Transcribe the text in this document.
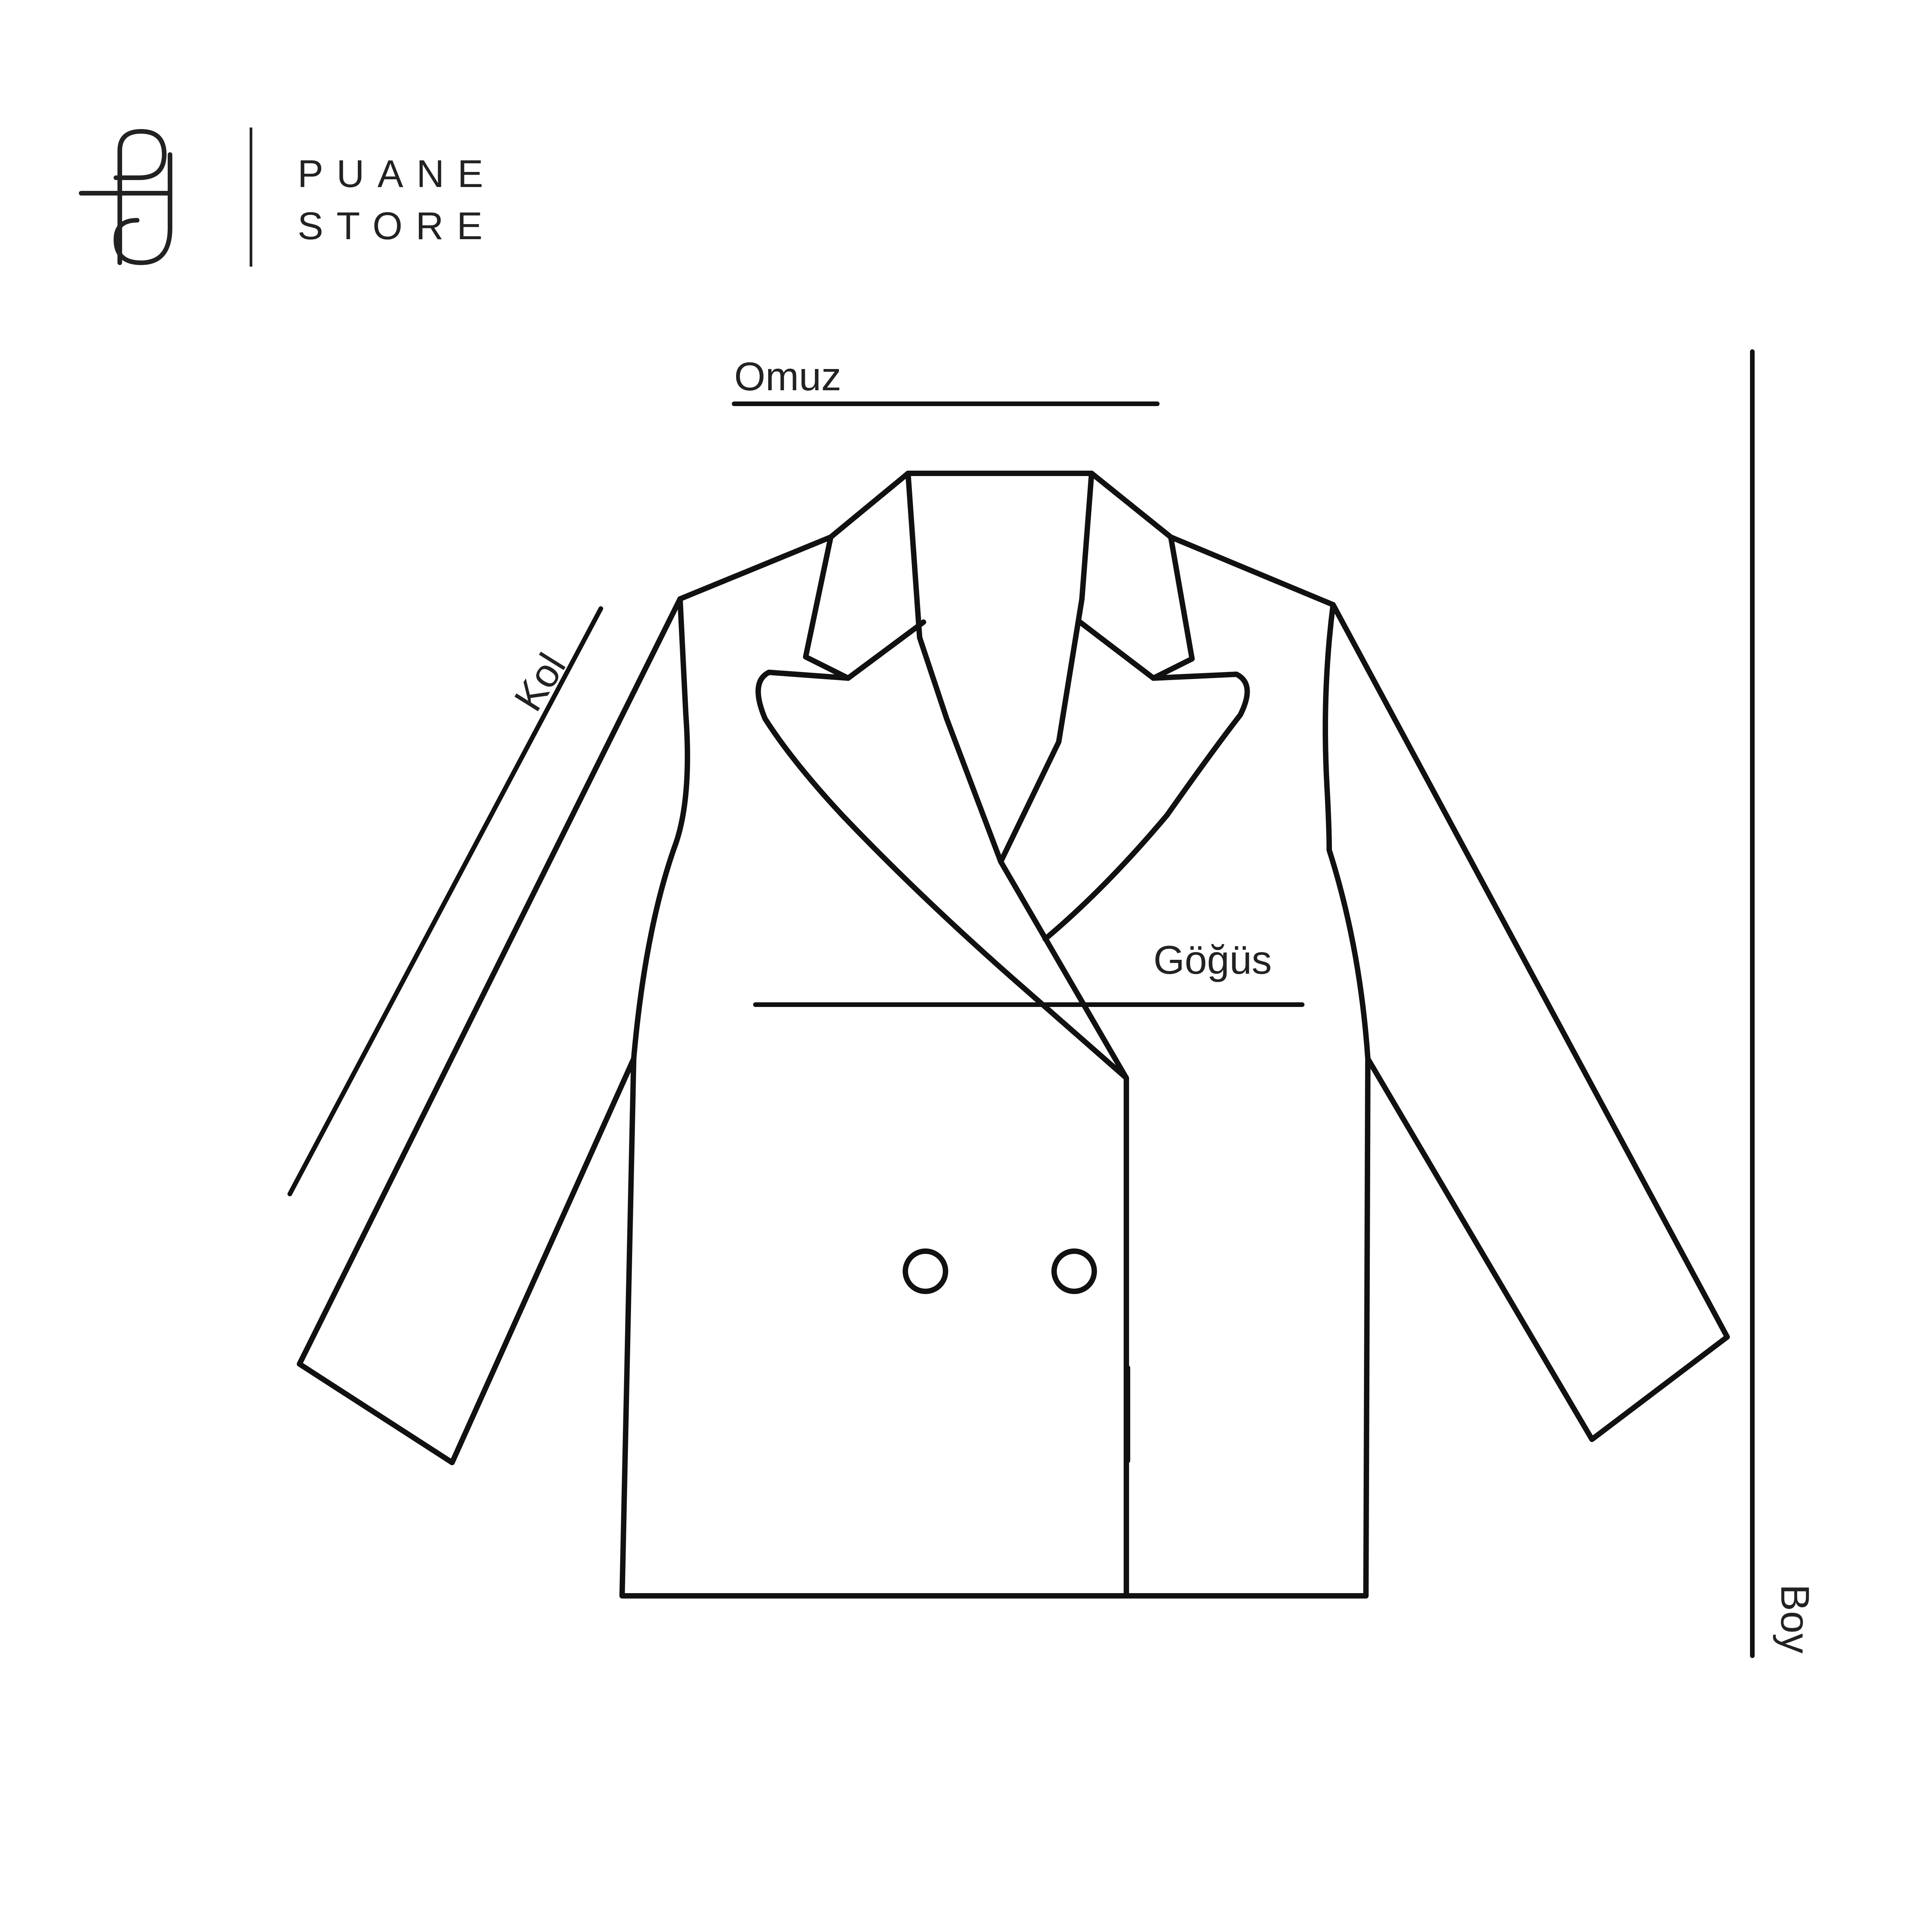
PUANE
STORE
Omuz
Kol
Göğüs
Boy
